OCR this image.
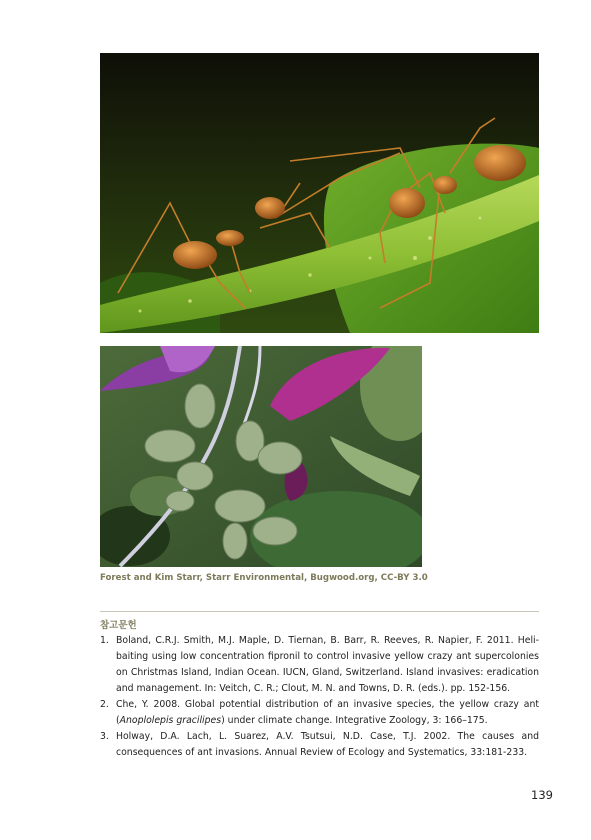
Forest and Kim Starr, Starr Environmental, Bugwood.org, CC-BY 3.0
참고문헌
1. Boland, C.R.J. Smith, M.J. Maple, D. Tiernan, B. Barr, R. Reeves, R. Napier, F. 2011. Heli-baiting using low concentration fipronil to control invasive yellow crazy ant supercolonies on Christmas Island, Indian Ocean. IUCN, Gland, Switzerland. Island invasives: eradication and management. In: Veitch, C. R.; Clout, M. N. and Towns, D. R. (eds.). pp. 152-156.
2. Che, Y. 2008. Global potential distribution of an invasive species, the yellow crazy ant (Anoplolepis gracilipes) under climate change. Integrative Zoology, 3: 166–175.
3. Holway, D.A. Lach, L. Suarez, A.V. Tsutsui, N.D. Case, T.J. 2002. The causes and consequences of ant invasions. Annual Review of Ecology and Systematics, 33:181-233.
139
